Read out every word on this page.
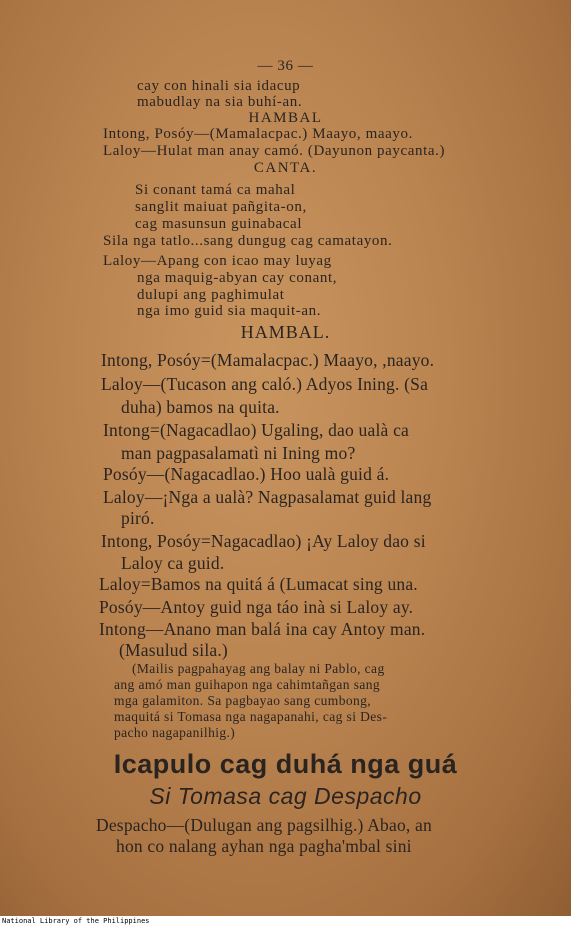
— 36 —
cay con hinali sia idacup
mabudlay na sia buhí-an.
HAMBAL
Intong, Posóy—(Mamalacpac.) Maayo, maayo.
Laloy—Hulat man anay camó. (Dayunon paycanta.)
CANTA.
Si conant tamá ca mahal
sanglit maiuat pañgita-on,
cag masunsun guinabacal
Sila nga tatlo...sang dungug cag camatayon.
Laloy—Apang con icao may luyag
nga maquig-abyan cay conant,
dulupi ang paghimulat
nga imo guid sia maquit-an.
HAMBAL.
Intong, Posóy=(Mamalacpac.) Maayo, ,naayo.
Laloy—(Tucason ang caló.) Adyos Ining. (Sa
duha) bamos na quita.
Intong=(Nagacadlao) Ugaling, dao ualà ca
man pagpasalamatì ni Ining mo?
Posóy—(Nagacadlao.) Hoo ualà guid á.
Laloy—¡Nga a ualà? Nagpasalamat guid lang
piró.
Intong, Posóy=Nagacadlao) ¡Ay Laloy dao si
Laloy ca guid.
Laloy=Bamos na quitá á (Lumacat sing una.
Posóy—Antoy guid nga táo inà si Laloy ay.
Intong—Anano man balá ina cay Antoy man.
(Masulud sila.)
(Mailis pagpahayag ang balay ni Pablo, cag
ang amó man guihapon nga cahimtañgan sang
mga galamiton. Sa pagbayao sang cumbong,
maquitá si Tomasa nga nagapanahi, cag si Des-
pacho nagapanilhig.)
Icapulo cag duhá nga guá
Si Tomasa cag Despacho
Despacho—(Dulugan ang pagsilhig.) Abao, an
hon co nalang ayhan nga pagha'mbal sini
National Library of the Philippines
